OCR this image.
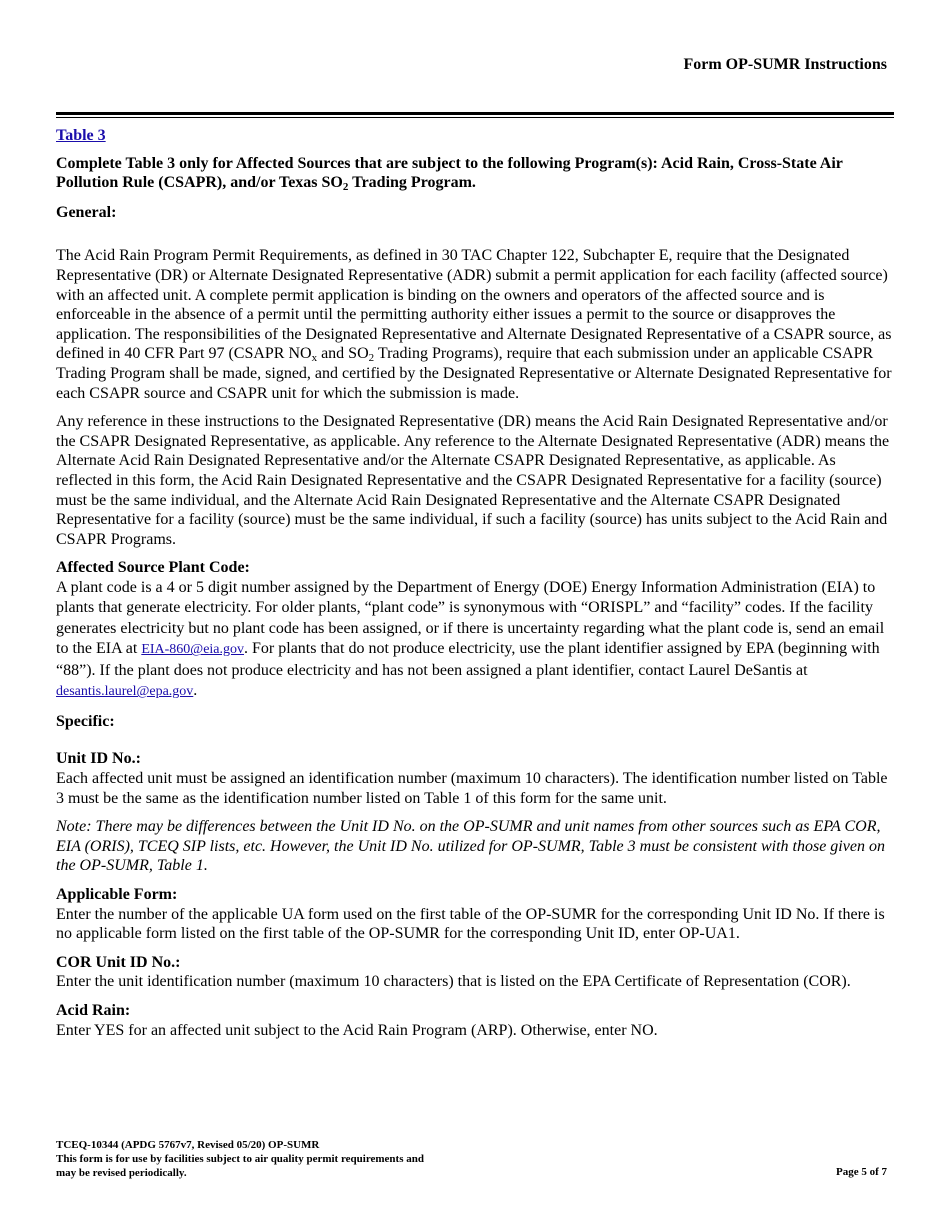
Form OP-SUMR Instructions
Table 3

Complete Table 3 only for Affected Sources that are subject to the following Program(s): Acid Rain, Cross-State Air Pollution Rule (CSAPR), and/or Texas $SO_2$ Trading Program.

General:

The Acid Rain Program Permit Requirements, as defined in 30 TAC Chapter 122, Subchapter E, require that the Designated Representative (DR) or Alternate Designated Representative (ADR) submit a permit application for each facility (affected source) with an affected unit. A complete permit application is binding on the owners and operators of the affected source and is enforceable in the absence of a permit until the permitting authority either issues a permit to the source or disapproves the application. The responsibilities of the Designated Representative and Alternate Designated Representative of a CSAPR source, as defined in 40 CFR Part 97 (CSAPR $NO_x$ and $SO_2$ Trading Programs), require that each submission under an applicable CSAPR Trading Program shall be made, signed, and certified by the Designated Representative or Alternate Designated Representative for each CSAPR source and CSAPR unit for which the submission is made.

Any reference in these instructions to the Designated Representative (DR) means the Acid Rain Designated Representative and/or the CSAPR Designated Representative, as applicable. Any reference to the Alternate Designated Representative (ADR) means the Alternate Acid Rain Designated Representative and/or the Alternate CSAPR Designated Representative, as applicable. As reflected in this form, the Acid Rain Designated Representative and the CSAPR Designated Representative for a facility (source) must be the same individual, and the Alternate Acid Rain Designated Representative and the Alternate CSAPR Designated Representative for a facility (source) must be the same individual, if such a facility (source) has units subject to the Acid Rain and CSAPR Programs.

Affected Source Plant Code:

A plant code is a 4 or 5 digit number assigned by the Department of Energy (DOE) Energy Information Administration (EIA) to plants that generate electricity. For older plants, “plant code” is synonymous with “ORISPL” and “facility” codes. If the facility generates electricity but no plant code has been assigned, or if there is uncertainty regarding what the plant code is, send an email to the EIA at EIA-860@eia.gov. For plants that do not produce electricity, use the plant identifier assigned by EPA (beginning with “88”). If the plant does not produce electricity and has not been assigned a plant identifier, contact Laurel DeSantis at desantis.laurel@epa.gov.

Specific:

Unit ID No.:

Each affected unit must be assigned an identification number (maximum 10 characters). The identification number listed on Table 3 must be the same as the identification number listed on Table 1 of this form for the same unit.

Note: There may be differences between the Unit ID No. on the OP-SUMR and unit names from other sources such as EPA COR, EIA (ORIS), TCEQ SIP lists, etc. However, the Unit ID No. utilized for OP-SUMR, Table 3 must be consistent with those given on the OP-SUMR, Table 1.

Applicable Form:

Enter the number of the applicable UA form used on the first table of the OP-SUMR for the corresponding Unit ID No. If there is no applicable form listed on the first table of the OP-SUMR for the corresponding Unit ID, enter OP-UA1.

COR Unit ID No.:

Enter the unit identification number (maximum 10 characters) that is listed on the EPA Certificate of Representation (COR).

Acid Rain:

Enter YES for an affected unit subject to the Acid Rain Program (ARP). Otherwise, enter NO.

TCEQ-10344 (APDG 5767v7, Revised 05/20) OP-SUMR
This form is for use by facilities subject to air quality permit requirements and
may be revised periodically.	Page 5 of 7
